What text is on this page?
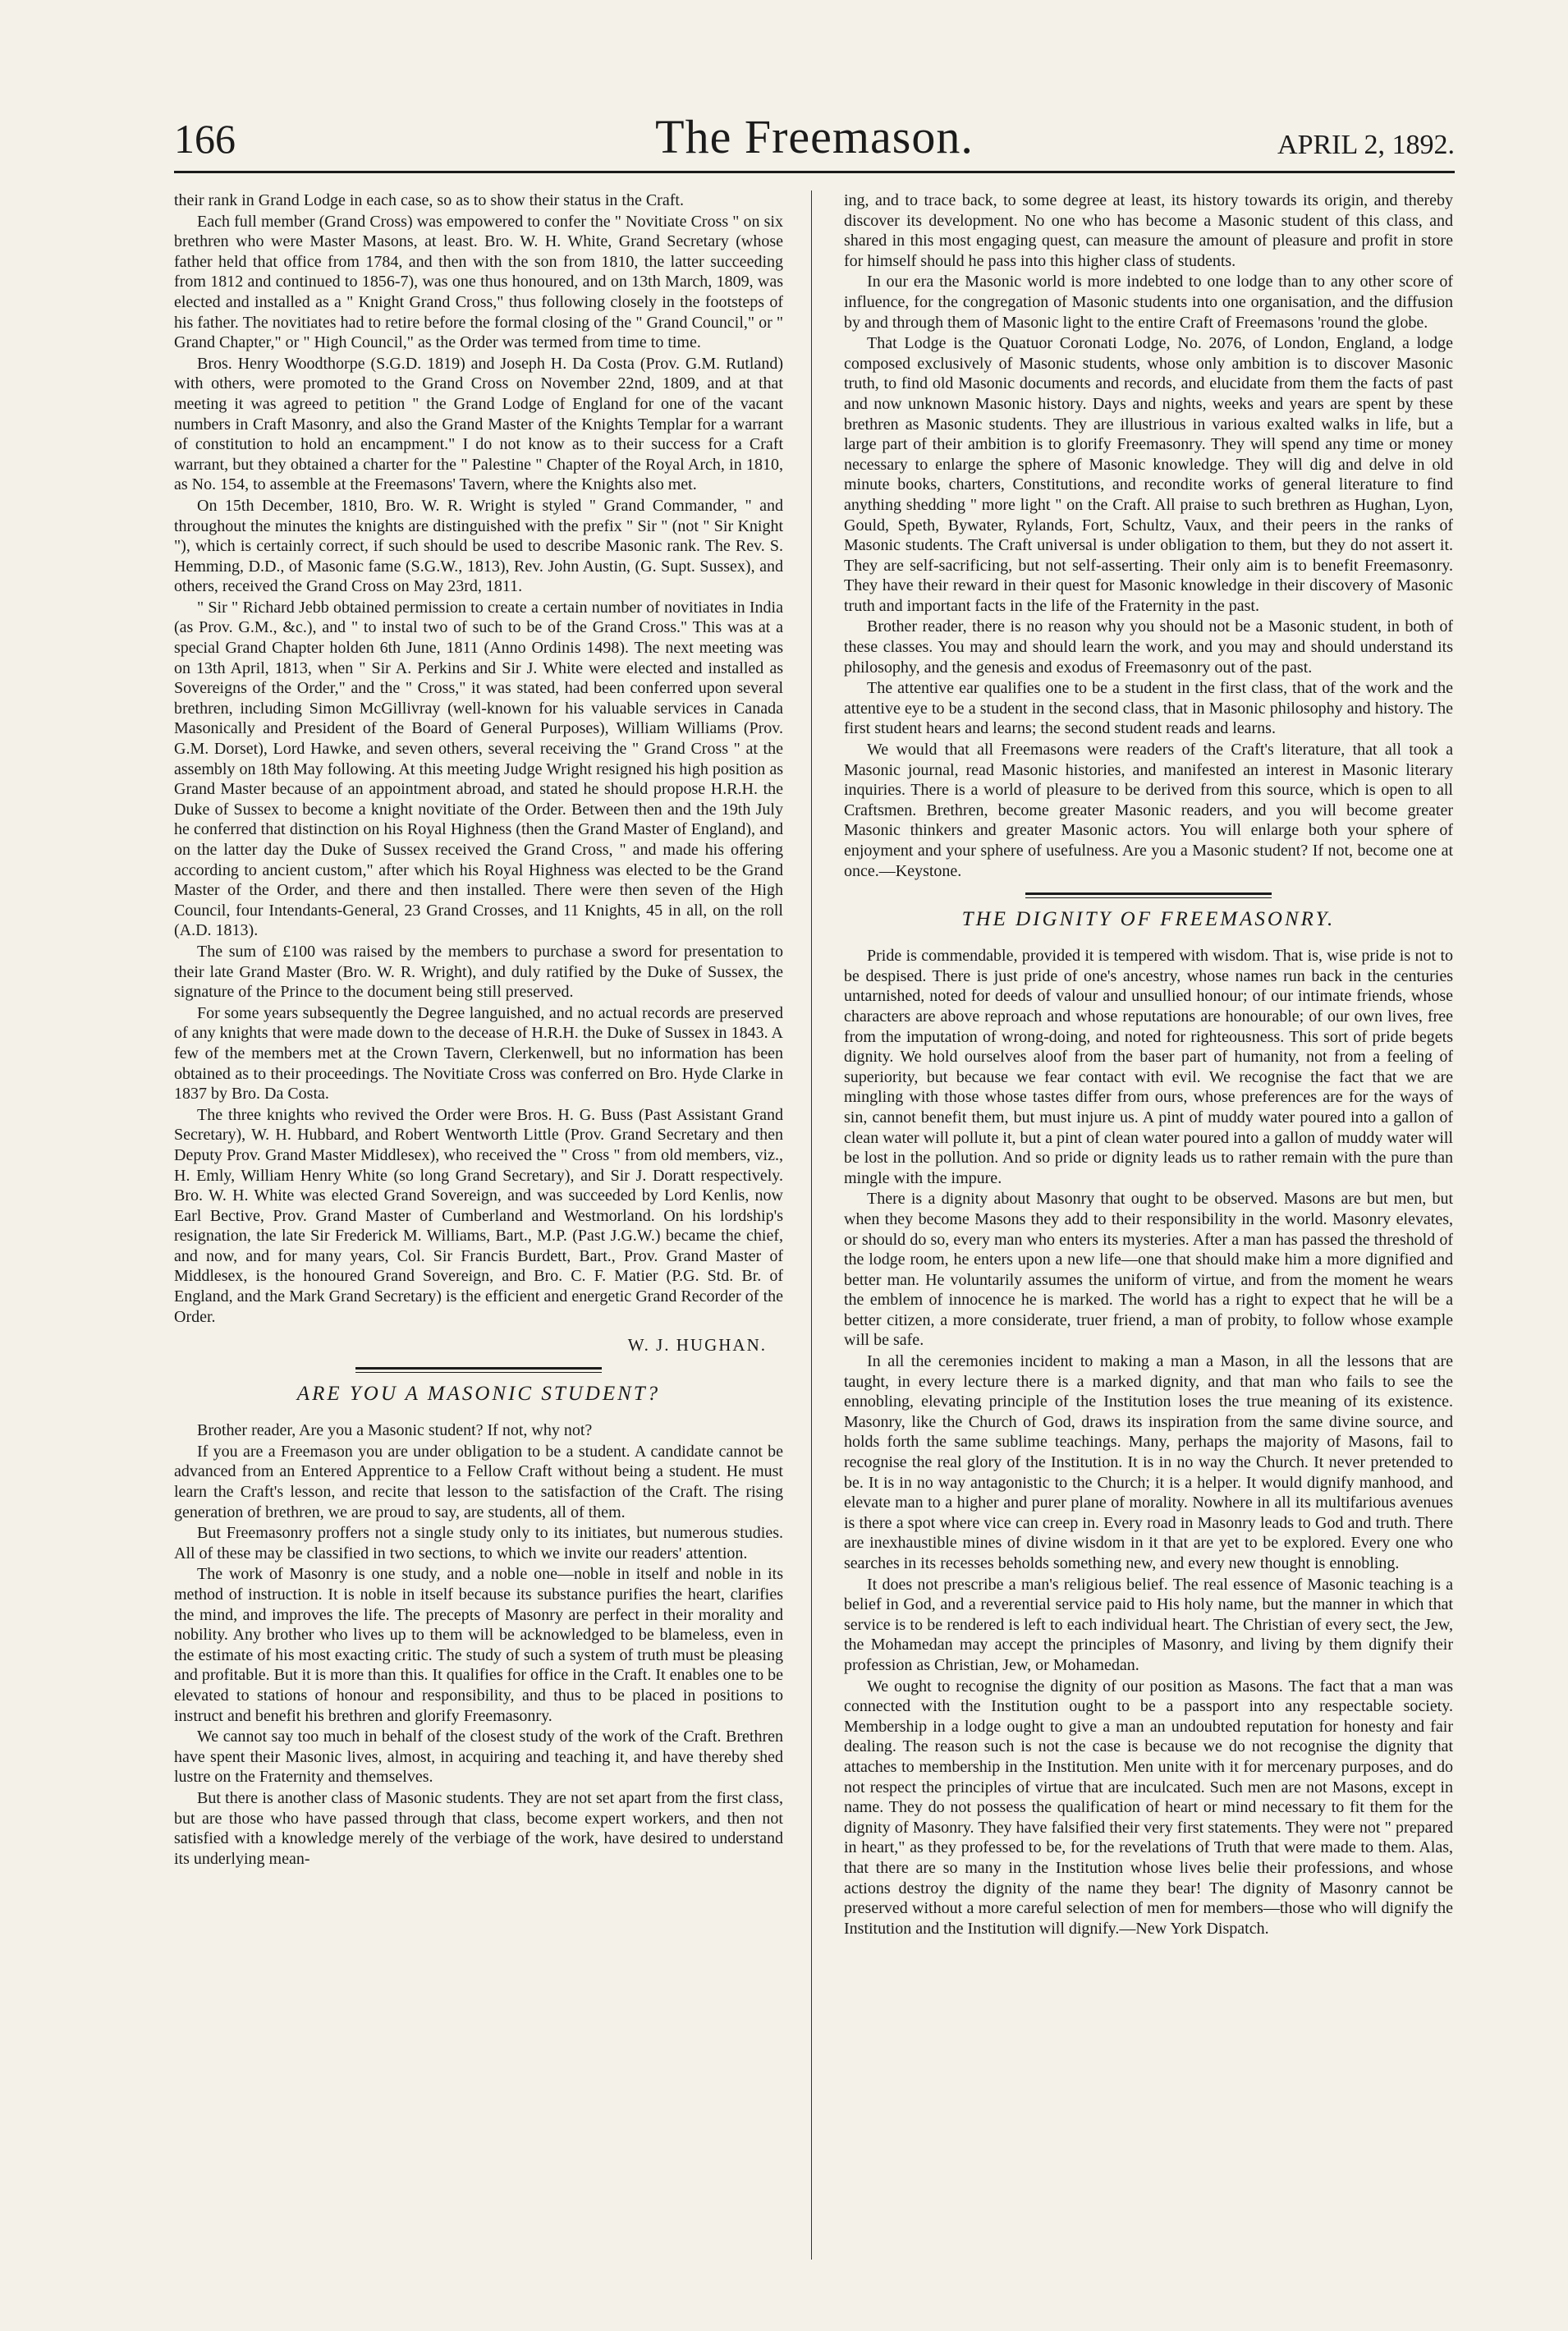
166	The Freemason.	APRIL 2, 1892.

their rank in Grand Lodge in each case, so as to show their status in the Craft.

Each full member (Grand Cross) was empowered to confer the " Novitiate Cross " on six brethren who were Master Masons, at least. Bro. W. H. White, Grand Secretary (whose father held that office from 1784, and then with the son from 1810, the latter succeeding from 1812 and continued to 1856-7), was one thus honoured, and on 13th March, 1809, was elected and installed as a " Knight Grand Cross," thus following closely in the footsteps of his father. The novitiates had to retire before the formal closing of the " Grand Council," or " Grand Chapter," or " High Council," as the Order was termed from time to time.

Bros. Henry Woodthorpe (S.G.D. 1819) and Joseph H. Da Costa (Prov. G.M. Rutland) with others, were promoted to the Grand Cross on November 22nd, 1809, and at that meeting it was agreed to petition " the Grand Lodge of England for one of the vacant numbers in Craft Masonry, and also the Grand Master of the Knights Templar for a warrant of constitution to hold an encampment." I do not know as to their success for a Craft warrant, but they obtained a charter for the " Palestine " Chapter of the Royal Arch, in 1810, as No. 154, to assemble at the Freemasons' Tavern, where the Knights also met.

On 15th December, 1810, Bro. W. R. Wright is styled " Grand Commander, " and throughout the minutes the knights are distinguished with the prefix " Sir " (not " Sir Knight "), which is certainly correct, if such should be used to describe Masonic rank. The Rev. S. Hemming, D.D., of Masonic fame (S.G.W., 1813), Rev. John Austin, (G. Supt. Sussex), and others, received the Grand Cross on May 23rd, 1811.

" Sir " Richard Jebb obtained permission to create a certain number of novitiates in India (as Prov. G.M., &c.), and " to instal two of such to be of the Grand Cross." This was at a special Grand Chapter holden 6th June, 1811 (Anno Ordinis 1498). The next meeting was on 13th April, 1813, when " Sir A. Perkins and Sir J. White were elected and installed as Sovereigns of the Order," and the " Cross," it was stated, had been conferred upon several brethren, including Simon McGillivray (well-known for his valuable services in Canada Masonically and President of the Board of General Purposes), William Williams (Prov. G.M. Dorset), Lord Hawke, and seven others, several receiving the " Grand Cross " at the assembly on 18th May following. At this meeting Judge Wright resigned his high position as Grand Master because of an appointment abroad, and stated he should propose H.R.H. the Duke of Sussex to become a knight novitiate of the Order. Between then and the 19th July he conferred that distinction on his Royal Highness (then the Grand Master of England), and on the latter day the Duke of Sussex received the Grand Cross, " and made his offering according to ancient custom," after which his Royal Highness was elected to be the Grand Master of the Order, and there and then installed. There were then seven of the High Council, four Intendants-General, 23 Grand Crosses, and 11 Knights, 45 in all, on the roll (A.D. 1813).

The sum of £100 was raised by the members to purchase a sword for presentation to their late Grand Master (Bro. W. R. Wright), and duly ratified by the Duke of Sussex, the signature of the Prince to the document being still preserved.

For some years subsequently the Degree languished, and no actual records are preserved of any knights that were made down to the decease of H.R.H. the Duke of Sussex in 1843. A few of the members met at the Crown Tavern, Clerkenwell, but no information has been obtained as to their proceedings. The Novitiate Cross was conferred on Bro. Hyde Clarke in 1837 by Bro. Da Costa.

The three knights who revived the Order were Bros. H. G. Buss (Past Assistant Grand Secretary), W. H. Hubbard, and Robert Wentworth Little (Prov. Grand Secretary and then Deputy Prov. Grand Master Middlesex), who received the " Cross " from old members, viz., H. Emly, William Henry White (so long Grand Secretary), and Sir J. Doratt respectively. Bro. W. H. White was elected Grand Sovereign, and was succeeded by Lord Kenlis, now Earl Bective, Prov. Grand Master of Cumberland and Westmorland. On his lordship's resignation, the late Sir Frederick M. Williams, Bart., M.P. (Past J.G.W.) became the chief, and now, and for many years, Col. Sir Francis Burdett, Bart., Prov. Grand Master of Middlesex, is the honoured Grand Sovereign, and Bro. C. F. Matier (P.G. Std. Br. of England, and the Mark Grand Secretary) is the efficient and energetic Grand Recorder of the Order.

W. J. HUGHAN.
ARE YOU A MASONIC STUDENT?

Brother reader, Are you a Masonic student? If not, why not?

If you are a Freemason you are under obligation to be a student. A candidate cannot be advanced from an Entered Apprentice to a Fellow Craft without being a student. He must learn the Craft's lesson, and recite that lesson to the satisfaction of the Craft. The rising generation of brethren, we are proud to say, are students, all of them.

But Freemasonry proffers not a single study only to its initiates, but numerous studies. All of these may be classified in two sections, to which we invite our readers' attention.

The work of Masonry is one study, and a noble one—noble in itself and noble in its method of instruction. It is noble in itself because its substance purifies the heart, clarifies the mind, and improves the life. The precepts of Masonry are perfect in their morality and nobility. Any brother who lives up to them will be acknowledged to be blameless, even in the estimate of his most exacting critic. The study of such a system of truth must be pleasing and profitable. But it is more than this. It qualifies for office in the Craft. It enables one to be elevated to stations of honour and responsibility, and thus to be placed in positions to instruct and benefit his brethren and glorify Freemasonry.

We cannot say too much in behalf of the closest study of the work of the Craft. Brethren have spent their Masonic lives, almost, in acquiring and teaching it, and have thereby shed lustre on the Fraternity and themselves.

But there is another class of Masonic students. They are not set apart from the first class, but are those who have passed through that class, become expert workers, and then not satisfied with a knowledge merely of the verbiage of the work, have desired to understand its underlying mean-

ing, and to trace back, to some degree at least, its history towards its origin, and thereby discover its development. No one who has become a Masonic student of this class, and shared in this most engaging quest, can measure the amount of pleasure and profit in store for himself should he pass into this higher class of students.

In our era the Masonic world is more indebted to one lodge than to any other score of influence, for the congregation of Masonic students into one organisation, and the diffusion by and through them of Masonic light to the entire Craft of Freemasons 'round the globe.

That Lodge is the Quatuor Coronati Lodge, No. 2076, of London, England, a lodge composed exclusively of Masonic students, whose only ambition is to discover Masonic truth, to find old Masonic documents and records, and elucidate from them the facts of past and now unknown Masonic history. Days and nights, weeks and years are spent by these brethren as Masonic students. They are illustrious in various exalted walks in life, but a large part of their ambition is to glorify Freemasonry. They will spend any time or money necessary to enlarge the sphere of Masonic knowledge. They will dig and delve in old minute books, charters, Constitutions, and recondite works of general literature to find anything shedding " more light " on the Craft. All praise to such brethren as Hughan, Lyon, Gould, Speth, Bywater, Rylands, Fort, Schultz, Vaux, and their peers in the ranks of Masonic students. The Craft universal is under obligation to them, but they do not assert it. They are self-sacrificing, but not self-asserting. Their only aim is to benefit Freemasonry. They have their reward in their quest for Masonic knowledge in their discovery of Masonic truth and important facts in the life of the Fraternity in the past.

Brother reader, there is no reason why you should not be a Masonic student, in both of these classes. You may and should learn the work, and you may and should understand its philosophy, and the genesis and exodus of Freemasonry out of the past.

The attentive ear qualifies one to be a student in the first class, that of the work and the attentive eye to be a student in the second class, that in Masonic philosophy and history. The first student hears and learns; the second student reads and learns.

We would that all Freemasons were readers of the Craft's literature, that all took a Masonic journal, read Masonic histories, and manifested an interest in Masonic literary inquiries. There is a world of pleasure to be derived from this source, which is open to all Craftsmen. Brethren, become greater Masonic readers, and you will become greater Masonic thinkers and greater Masonic actors. You will enlarge both your sphere of enjoyment and your sphere of usefulness. Are you a Masonic student? If not, become one at once.—Keystone.

THE DIGNITY OF FREEMASONRY.

Pride is commendable, provided it is tempered with wisdom. That is, wise pride is not to be despised. There is just pride of one's ancestry, whose names run back in the centuries untarnished, noted for deeds of valour and unsullied honour; of our intimate friends, whose characters are above reproach and whose reputations are honourable; of our own lives, free from the imputation of wrong-doing, and noted for righteousness. This sort of pride begets dignity. We hold ourselves aloof from the baser part of humanity, not from a feeling of superiority, but because we fear contact with evil. We recognise the fact that we are mingling with those whose tastes differ from ours, whose preferences are for the ways of sin, cannot benefit them, but must injure us. A pint of muddy water poured into a gallon of clean water will pollute it, but a pint of clean water poured into a gallon of muddy water will be lost in the pollution. And so pride or dignity leads us to rather remain with the pure than mingle with the impure.

There is a dignity about Masonry that ought to be observed. Masons are but men, but when they become Masons they add to their responsibility in the world. Masonry elevates, or should do so, every man who enters its mysteries. After a man has passed the threshold of the lodge room, he enters upon a new life—one that should make him a more dignified and better man. He voluntarily assumes the uniform of virtue, and from the moment he wears the emblem of innocence he is marked. The world has a right to expect that he will be a better citizen, a more considerate, truer friend, a man of probity, to follow whose example will be safe.

In all the ceremonies incident to making a man a Mason, in all the lessons that are taught, in every lecture there is a marked dignity, and that man who fails to see the ennobling, elevating principle of the Institution loses the true meaning of its existence. Masonry, like the Church of God, draws its inspiration from the same divine source, and holds forth the same sublime teachings. Many, perhaps the majority of Masons, fail to recognise the real glory of the Institution. It is in no way the Church. It never pretended to be. It is in no way antagonistic to the Church; it is a helper. It would dignify manhood, and elevate man to a higher and purer plane of morality. Nowhere in all its multifarious avenues is there a spot where vice can creep in. Every road in Masonry leads to God and truth. There are inexhaustible mines of divine wisdom in it that are yet to be explored. Every one who searches in its recesses beholds something new, and every new thought is ennobling.

It does not prescribe a man's religious belief. The real essence of Masonic teaching is a belief in God, and a reverential service paid to His holy name, but the manner in which that service is to be rendered is left to each individual heart. The Christian of every sect, the Jew, the Mohamedan may accept the principles of Masonry, and living by them dignify their profession as Christian, Jew, or Mohamedan.

We ought to recognise the dignity of our position as Masons. The fact that a man was connected with the Institution ought to be a passport into any respectable society. Membership in a lodge ought to give a man an undoubted reputation for honesty and fair dealing. The reason such is not the case is because we do not recognise the dignity that attaches to membership in the Institution. Men unite with it for mercenary purposes, and do not respect the principles of virtue that are inculcated. Such men are not Masons, except in name. They do not possess the qualification of heart or mind necessary to fit them for the dignity of Masonry. They have falsified their very first statements. They were not " prepared in heart," as they professed to be, for the revelations of Truth that were made to them. Alas, that there are so many in the Institution whose lives belie their professions, and whose actions destroy the dignity of the name they bear! The dignity of Masonry cannot be preserved without a more careful selection of men for members—those who will dignify the Institution and the Institution will dignify.—New York Dispatch.
